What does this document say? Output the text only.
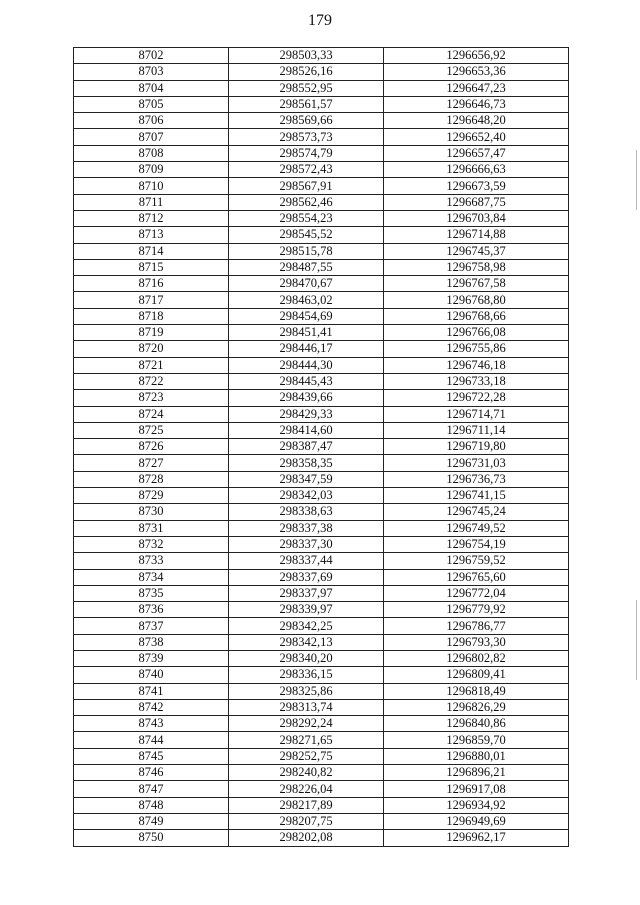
179
8702	298503,33	1296656,92
8703	298526,16	1296653,36
8704	298552,95	1296647,23
8705	298561,57	1296646,73
8706	298569,66	1296648,20
8707	298573,73	1296652,40
8708	298574,79	1296657,47
8709	298572,43	1296666,63
8710	298567,91	1296673,59
8711	298562,46	1296687,75
8712	298554,23	1296703,84
8713	298545,52	1296714,88
8714	298515,78	1296745,37
8715	298487,55	1296758,98
8716	298470,67	1296767,58
8717	298463,02	1296768,80
8718	298454,69	1296768,66
8719	298451,41	1296766,08
8720	298446,17	1296755,86
8721	298444,30	1296746,18
8722	298445,43	1296733,18
8723	298439,66	1296722,28
8724	298429,33	1296714,71
8725	298414,60	1296711,14
8726	298387,47	1296719,80
8727	298358,35	1296731,03
8728	298347,59	1296736,73
8729	298342,03	1296741,15
8730	298338,63	1296745,24
8731	298337,38	1296749,52
8732	298337,30	1296754,19
8733	298337,44	1296759,52
8734	298337,69	1296765,60
8735	298337,97	1296772,04
8736	298339,97	1296779,92
8737	298342,25	1296786,77
8738	298342,13	1296793,30
8739	298340,20	1296802,82
8740	298336,15	1296809,41
8741	298325,86	1296818,49
8742	298313,74	1296826,29
8743	298292,24	1296840,86
8744	298271,65	1296859,70
8745	298252,75	1296880,01
8746	298240,82	1296896,21
8747	298226,04	1296917,08
8748	298217,89	1296934,92
8749	298207,75	1296949,69
8750	298202,08	1296962,17
